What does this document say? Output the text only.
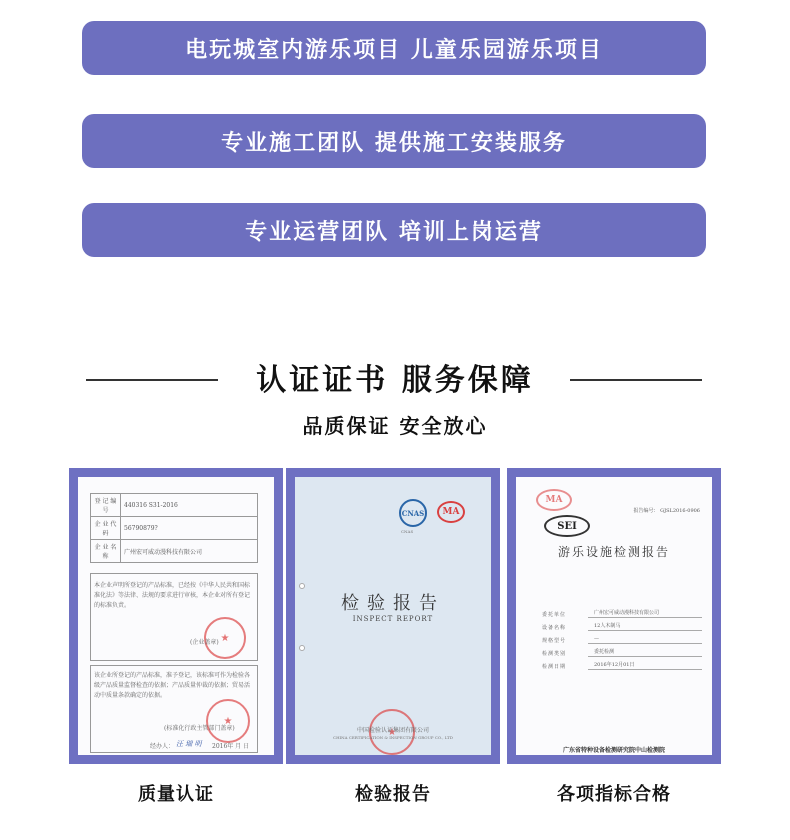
电玩城室内游乐项目 儿童乐园游乐项目
专业施工团队 提供施工安装服务
专业运营团队 培训上岗运营
认证证书 服务保障
品质保证 安全放心
登 记 编 号	440316 S31-2016
企 业 代 码	56790879?
企 业 名 称	广州宏可威动漫科技有限公司
本企业声明所登记的产品标准，已经按《中华人民共和国标准化法》等法律、法规的要求进行审核，本企业对所有登记的标准负责。
★
(企业盖章)
该企业所登记的产品标准，准予登记，该标准可作为检验各级产品质量监督检查的依据；产品质量仲裁的依据；贸易活动中质量条款确定的依据。
★
(标准化行政主管部门盖章)
经办人： 汪 瑞 明 2016年 月 日
CNAS
CNAS
MA
检验报告
INSPECT REPORT
★
中国检验认证集团有限公司
CHINA CERTIFICATION & INSPECTION GROUP CO., LTD
MA
报告编号： GJSL2016-0906
SEI
游乐设施检测报告
委托单位	广州宏可威动漫科技有限公司
设备名称	12人木制马
规格型号	—
检测类别	委托检测
检测日期	2016年12月01日
广东省特种设备检测研究院中山检测院
质量认证	检验报告	各项指标合格
